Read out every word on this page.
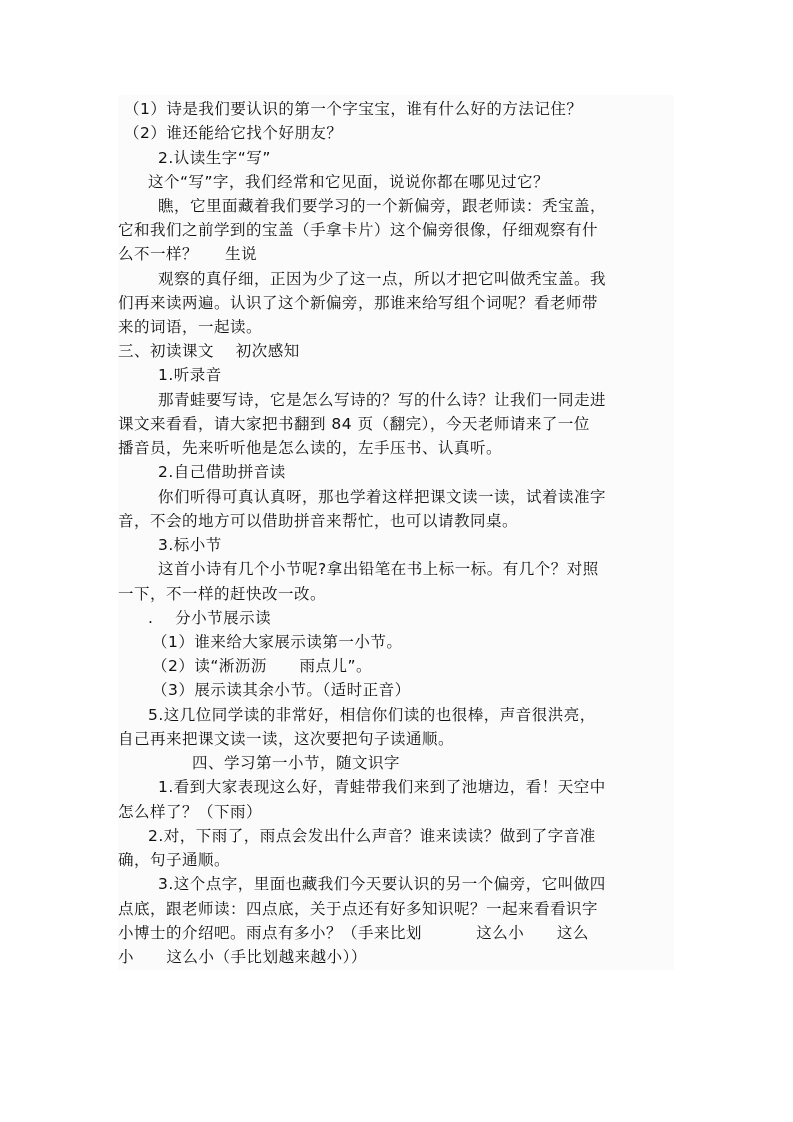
（1）诗是我们要认识的第一个字宝宝，谁有什么好的方法记住？
（2）谁还能给它找个好朋友？
2.认读生字“写”
这个“写”字，我们经常和它见面，说说你都在哪见过它？
瞧，它里面藏着我们要学习的一个新偏旁，跟老师读：秃宝盖，
它和我们之前学到的宝盖（手拿卡片）这个偏旁很像，仔细观察有什
么不一样？     生说
观察的真仔细，正因为少了这一点，所以才把它叫做秃宝盖。我
们再来读两遍。认识了这个新偏旁，那谁来给写组个词呢？看老师带
来的词语，一起读。
三、初读课文    初次感知
1.听录音
那青蛙要写诗，它是怎么写诗的？写的什么诗？让我们一同走进
课文来看看，请大家把书翻到 84 页（翻完），今天老师请来了一位
播音员，先来听听他是怎么读的，左手压书、认真听。
2.自己借助拼音读
你们听得可真认真呀，那也学着这样把课文读一读，试着读准字
音，不会的地方可以借助拼音来帮忙，也可以请教同桌。
3.标小节
这首小诗有几个小节呢?拿出铅笔在书上标一标。有几个？对照
一下，不一样的赶快改一改。
.    分小节展示读
（1）谁来给大家展示读第一小节。
（2）读“淅沥沥      雨点儿”。
（3）展示读其余小节。（适时正音）
5.这几位同学读的非常好，相信你们读的也很棒，声音很洪亮，
自己再来把课文读一读，这次要把句子读通顺。
四、学习第一小节，随文识字
1.看到大家表现这么好，青蛙带我们来到了池塘边，看！天空中
怎么样了？（下雨）
2.对，下雨了，雨点会发出什么声音？谁来读读？做到了字音准
确，句子通顺。
3.这个点字，里面也藏我们今天要认识的另一个偏旁，它叫做四
点底，跟老师读：四点底，关于点还有好多知识呢？一起来看看识字
小博士的介绍吧。雨点有多小？（手来比划          这么小      这么
小      这么小（手比划越来越小））
